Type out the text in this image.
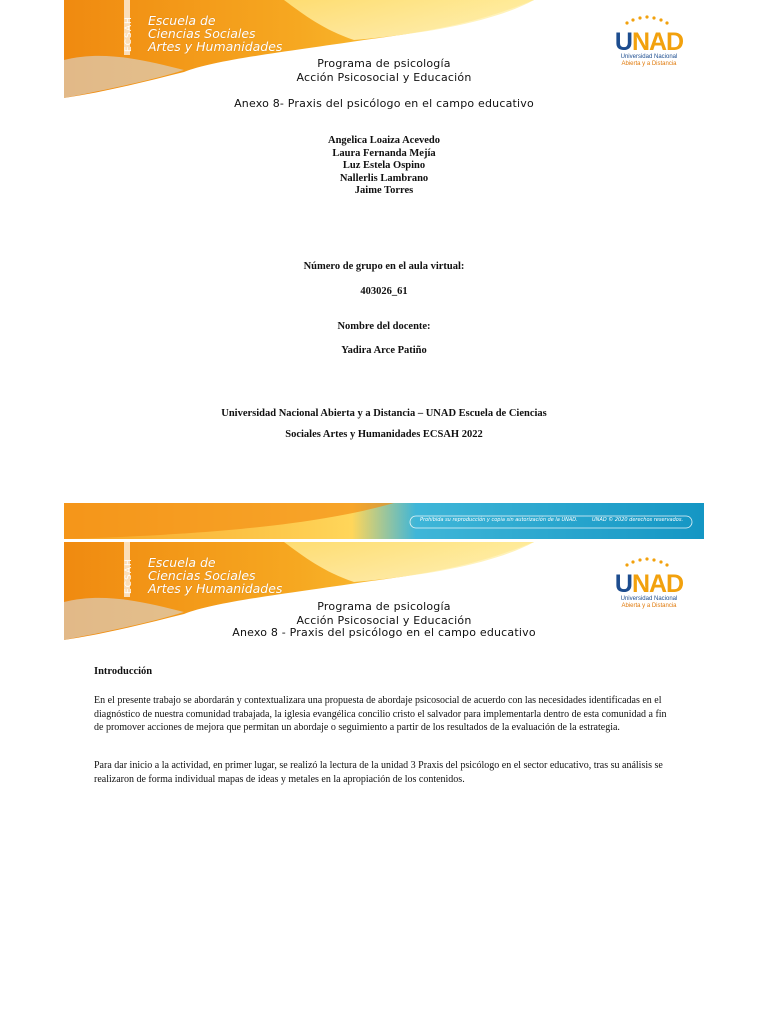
ECSAH Escuela de
Ciencias Sociales
Artes y Humanidades	UNAD
Universidad Nacional
Abierta y a Distancia
Programa de psicología
Acción Psicosocial y Educación
Anexo 8- Praxis del psicólogo en el campo educativo
Angelica Loaiza Acevedo
Laura Fernanda Mejía
Luz Estela Ospino
Nallerlis Lambrano
Jaime Torres
Número de grupo en el aula virtual:
403026_61
Nombre del docente:
Yadira Arce Patiño
Universidad Nacional Abierta y a Distancia – UNAD Escuela de Ciencias
Sociales Artes y Humanidades ECSAH 2022
Prohibida su reproducción y copia sin autorización de la UNAD.	UNAD © 2020 derechos reservados.
ECSAH Escuela de
Ciencias Sociales
Artes y Humanidades	UNAD
Universidad Nacional
Abierta y a Distancia
Programa de psicología
Acción Psicosocial y Educación
Anexo 8 - Praxis del psicólogo en el campo educativo
Introducción
En el presente trabajo se abordarán y contextualizara una propuesta de abordaje psicosocial de acuerdo con las necesidades identificadas en el diagnóstico de nuestra comunidad trabajada, la iglesia evangélica concilio cristo el salvador para implementarla dentro de esta comunidad a fin de promover acciones de mejora que permitan un abordaje o seguimiento a partir de los resultados de la evaluación de la estrategia.
Para dar inicio a la actividad, en primer lugar, se realizó la lectura de la unidad 3 Praxis del psicólogo en el sector educativo, tras su análisis se realizaron de forma individual mapas de ideas y metales en la apropiación de los contenidos.
